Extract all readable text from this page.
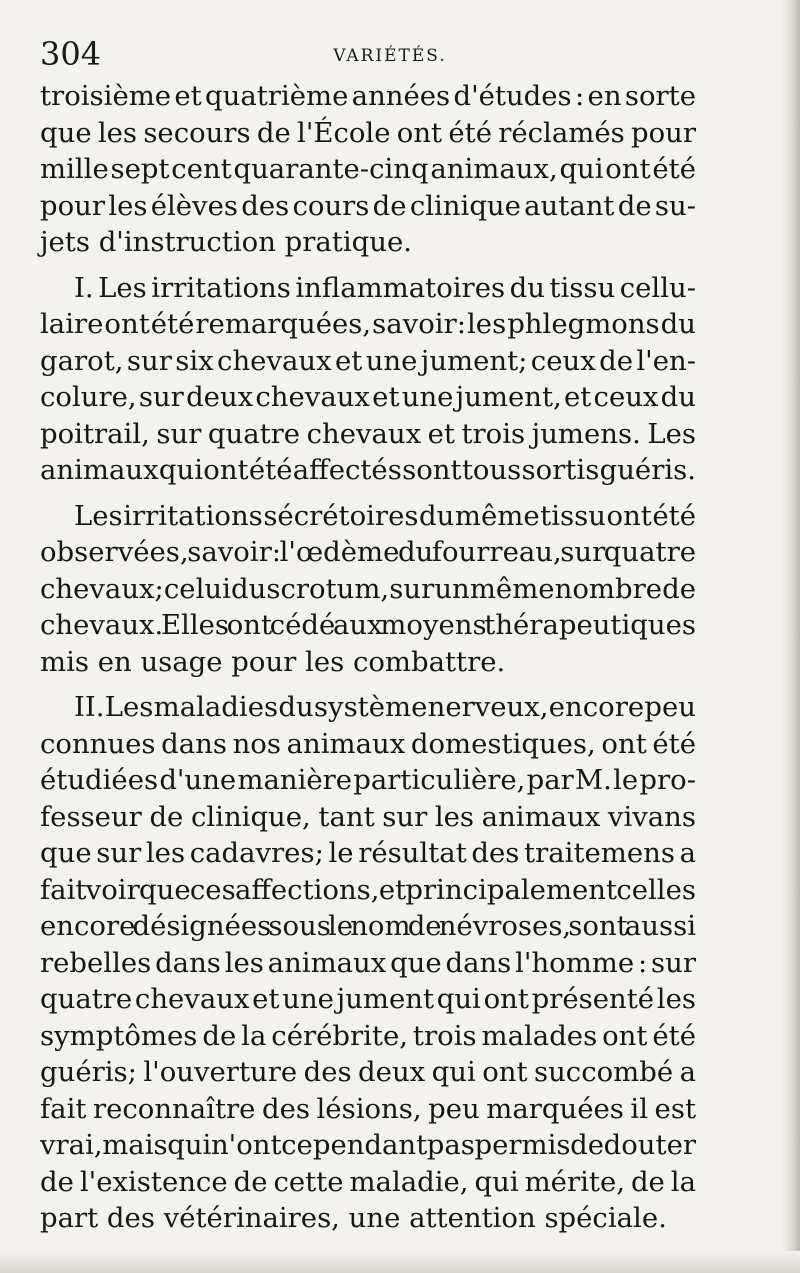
304	VARIÉTÉS.
troisième et quatrième années d'études : en sorte
que les secours de l'École ont été réclamés pour
mille sept cent quarante-cinq animaux, qui ont été
pour les élèves des cours de clinique autant de su-
jets d'instruction pratique.
I. Les irritations inflammatoires du tissu cellu-
laire ont été remarquées, savoir: les phlegmons du
garot, sur six chevaux et une jument; ceux de l'en-
colure, sur deux chevaux et une jument, et ceux du
poitrail, sur quatre chevaux et trois jumens. Les
animaux qui ont été affectés sont tous sortis guéris.
Les irritations sécrétoires du même tissu ont été
observées, savoir: l'œdème du fourreau, sur quatre
chevaux; celui du scrotum, sur un même nombre de
chevaux. Elles ont cédé aux moyens thérapeutiques
mis en usage pour les combattre.
II. Les maladies du système nerveux, encore peu
connues dans nos animaux domestiques, ont été
étudiées d'une manière particulière, par M. le pro-
fesseur de clinique, tant sur les animaux vivans
que sur les cadavres; le résultat des traitemens a
fait voir que ces affections, et principalement celles
encore désignées sous le nom de névroses, sont aussi
rebelles dans les animaux que dans l'homme : sur
quatre chevaux et une jument qui ont présenté les
symptômes de la cérébrite, trois malades ont été
guéris; l'ouverture des deux qui ont succombé a
fait reconnaître des lésions, peu marquées il est
vrai, mais qui n'ont cependant pas permis de douter
de l'existence de cette maladie, qui mérite, de la
part des vétérinaires, une attention spéciale.
